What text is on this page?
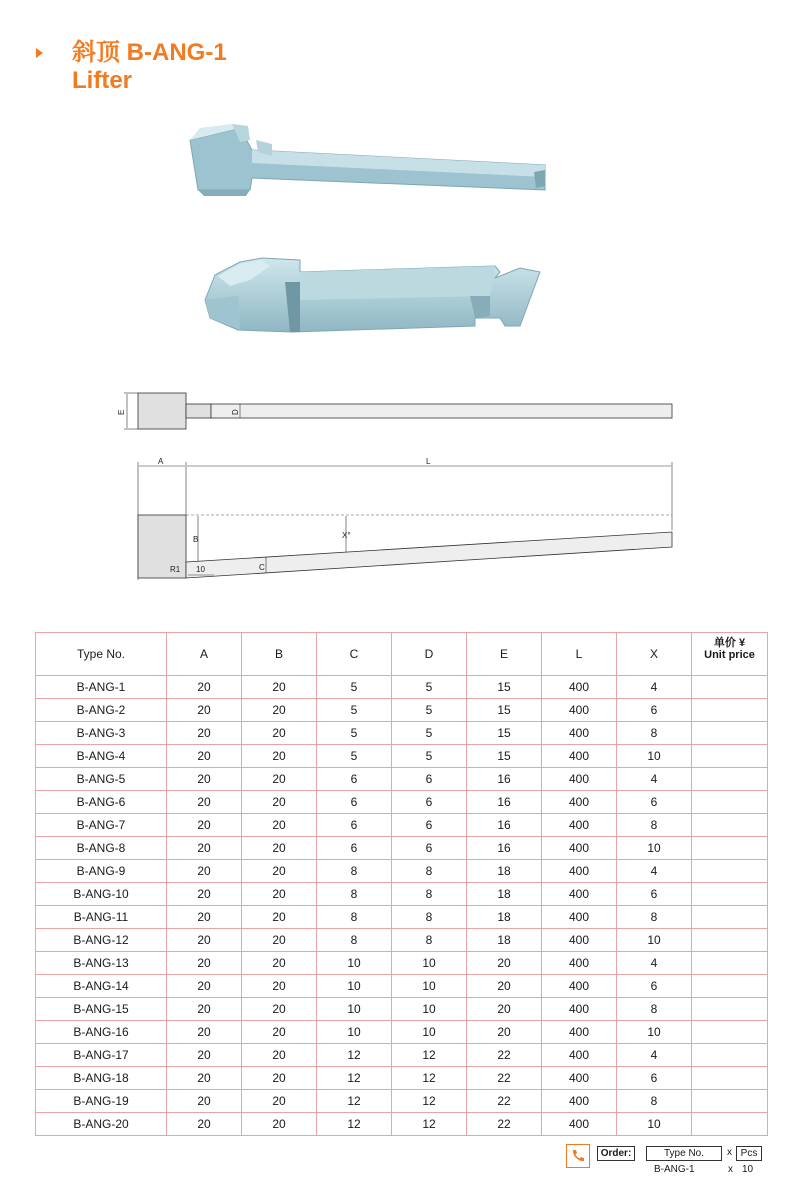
斜顶 B-ANG-1
Lifter
E	D
A	L
B	X°
C
R1 10
Type No.	A	B	C	D	E	L	X	单价 ¥
Unit price

B-ANG-1	20	20	5	5	15	400	4	
B-ANG-2	20	20	5	5	15	400	6	
B-ANG-3	20	20	5	5	15	400	8	
B-ANG-4	20	20	5	5	15	400	10	
B-ANG-5	20	20	6	6	16	400	4	
B-ANG-6	20	20	6	6	16	400	6	
B-ANG-7	20	20	6	6	16	400	8	
B-ANG-8	20	20	6	6	16	400	10	
B-ANG-9	20	20	8	8	18	400	4	
B-ANG-10	20	20	8	8	18	400	6	
B-ANG-11	20	20	8	8	18	400	8	
B-ANG-12	20	20	8	8	18	400	10	
B-ANG-13	20	20	10	10	20	400	4	
B-ANG-14	20	20	10	10	20	400	6	
B-ANG-15	20	20	10	10	20	400	8	
B-ANG-16	20	20	10	10	20	400	10	
B-ANG-17	20	20	12	12	22	400	4	
B-ANG-18	20	20	12	12	22	400	6	
B-ANG-19	20	20	12	12	22	400	8	
B-ANG-20	20	20	12	12	22	400	10	
Order:	Type No.	x Pcs
B-ANG-1	x 10
